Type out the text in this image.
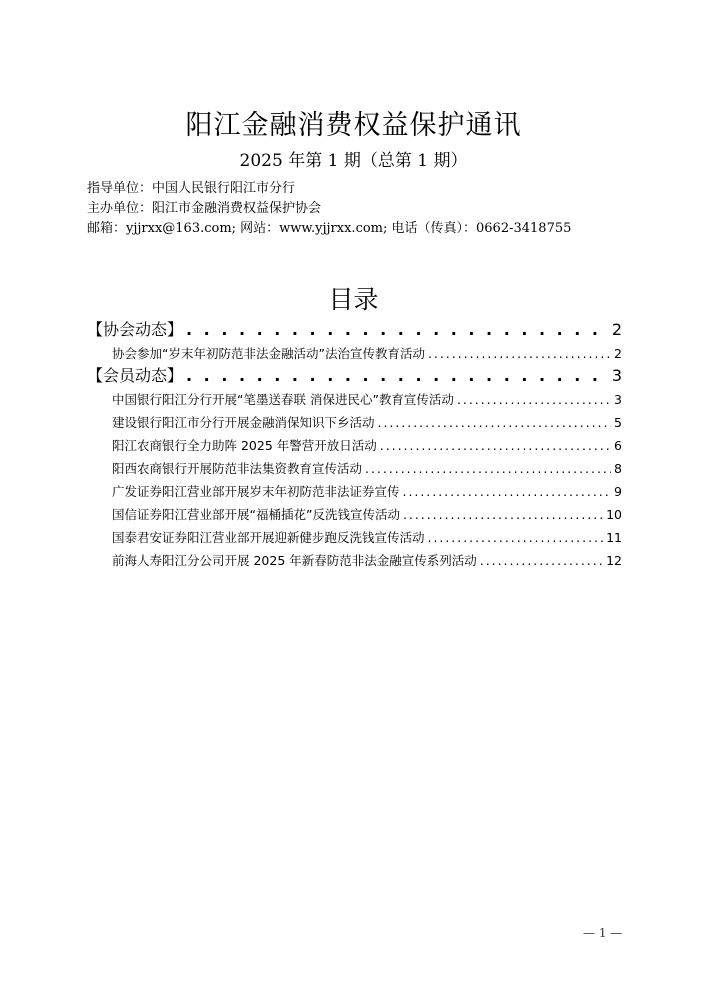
阳江金融消费权益保护通讯
2025 年第 1 期（总第 1 期）
指导单位：中国人民银行阳江市分行
主办单位：阳江市金融消费权益保护协会
邮箱：yjjrxx@163.com; 网站：www.yjjrxx.com; 电话（传真）：0662-3418755
目录
【协会动态】 . . .	2
协会参加“岁末年初防范非法金融活动”法治宣传教育活动 . . .	2
【会员动态】 . . .	3
中国银行阳江分行开展“笔墨送春联 消保进民心”教育宣传活动 . . .	3
建设银行阳江市分行开展金融消保知识下乡活动 . . .	5
阳江农商银行全力助阵 2025 年警营开放日活动 . . .	6
阳西农商银行开展防范非法集资教育宣传活动 . . .	8
广发证券阳江营业部开展岁末年初防范非法证券宣传 . . .	9
国信证券阳江营业部开展“福桶插花”反洗钱宣传活动 . . .	10
国泰君安证券阳江营业部开展迎新健步跑反洗钱宣传活动 . . .	11
前海人寿阳江分公司开展 2025 年新春防范非法金融宣传系列活动 . . .	12
— 1 —
